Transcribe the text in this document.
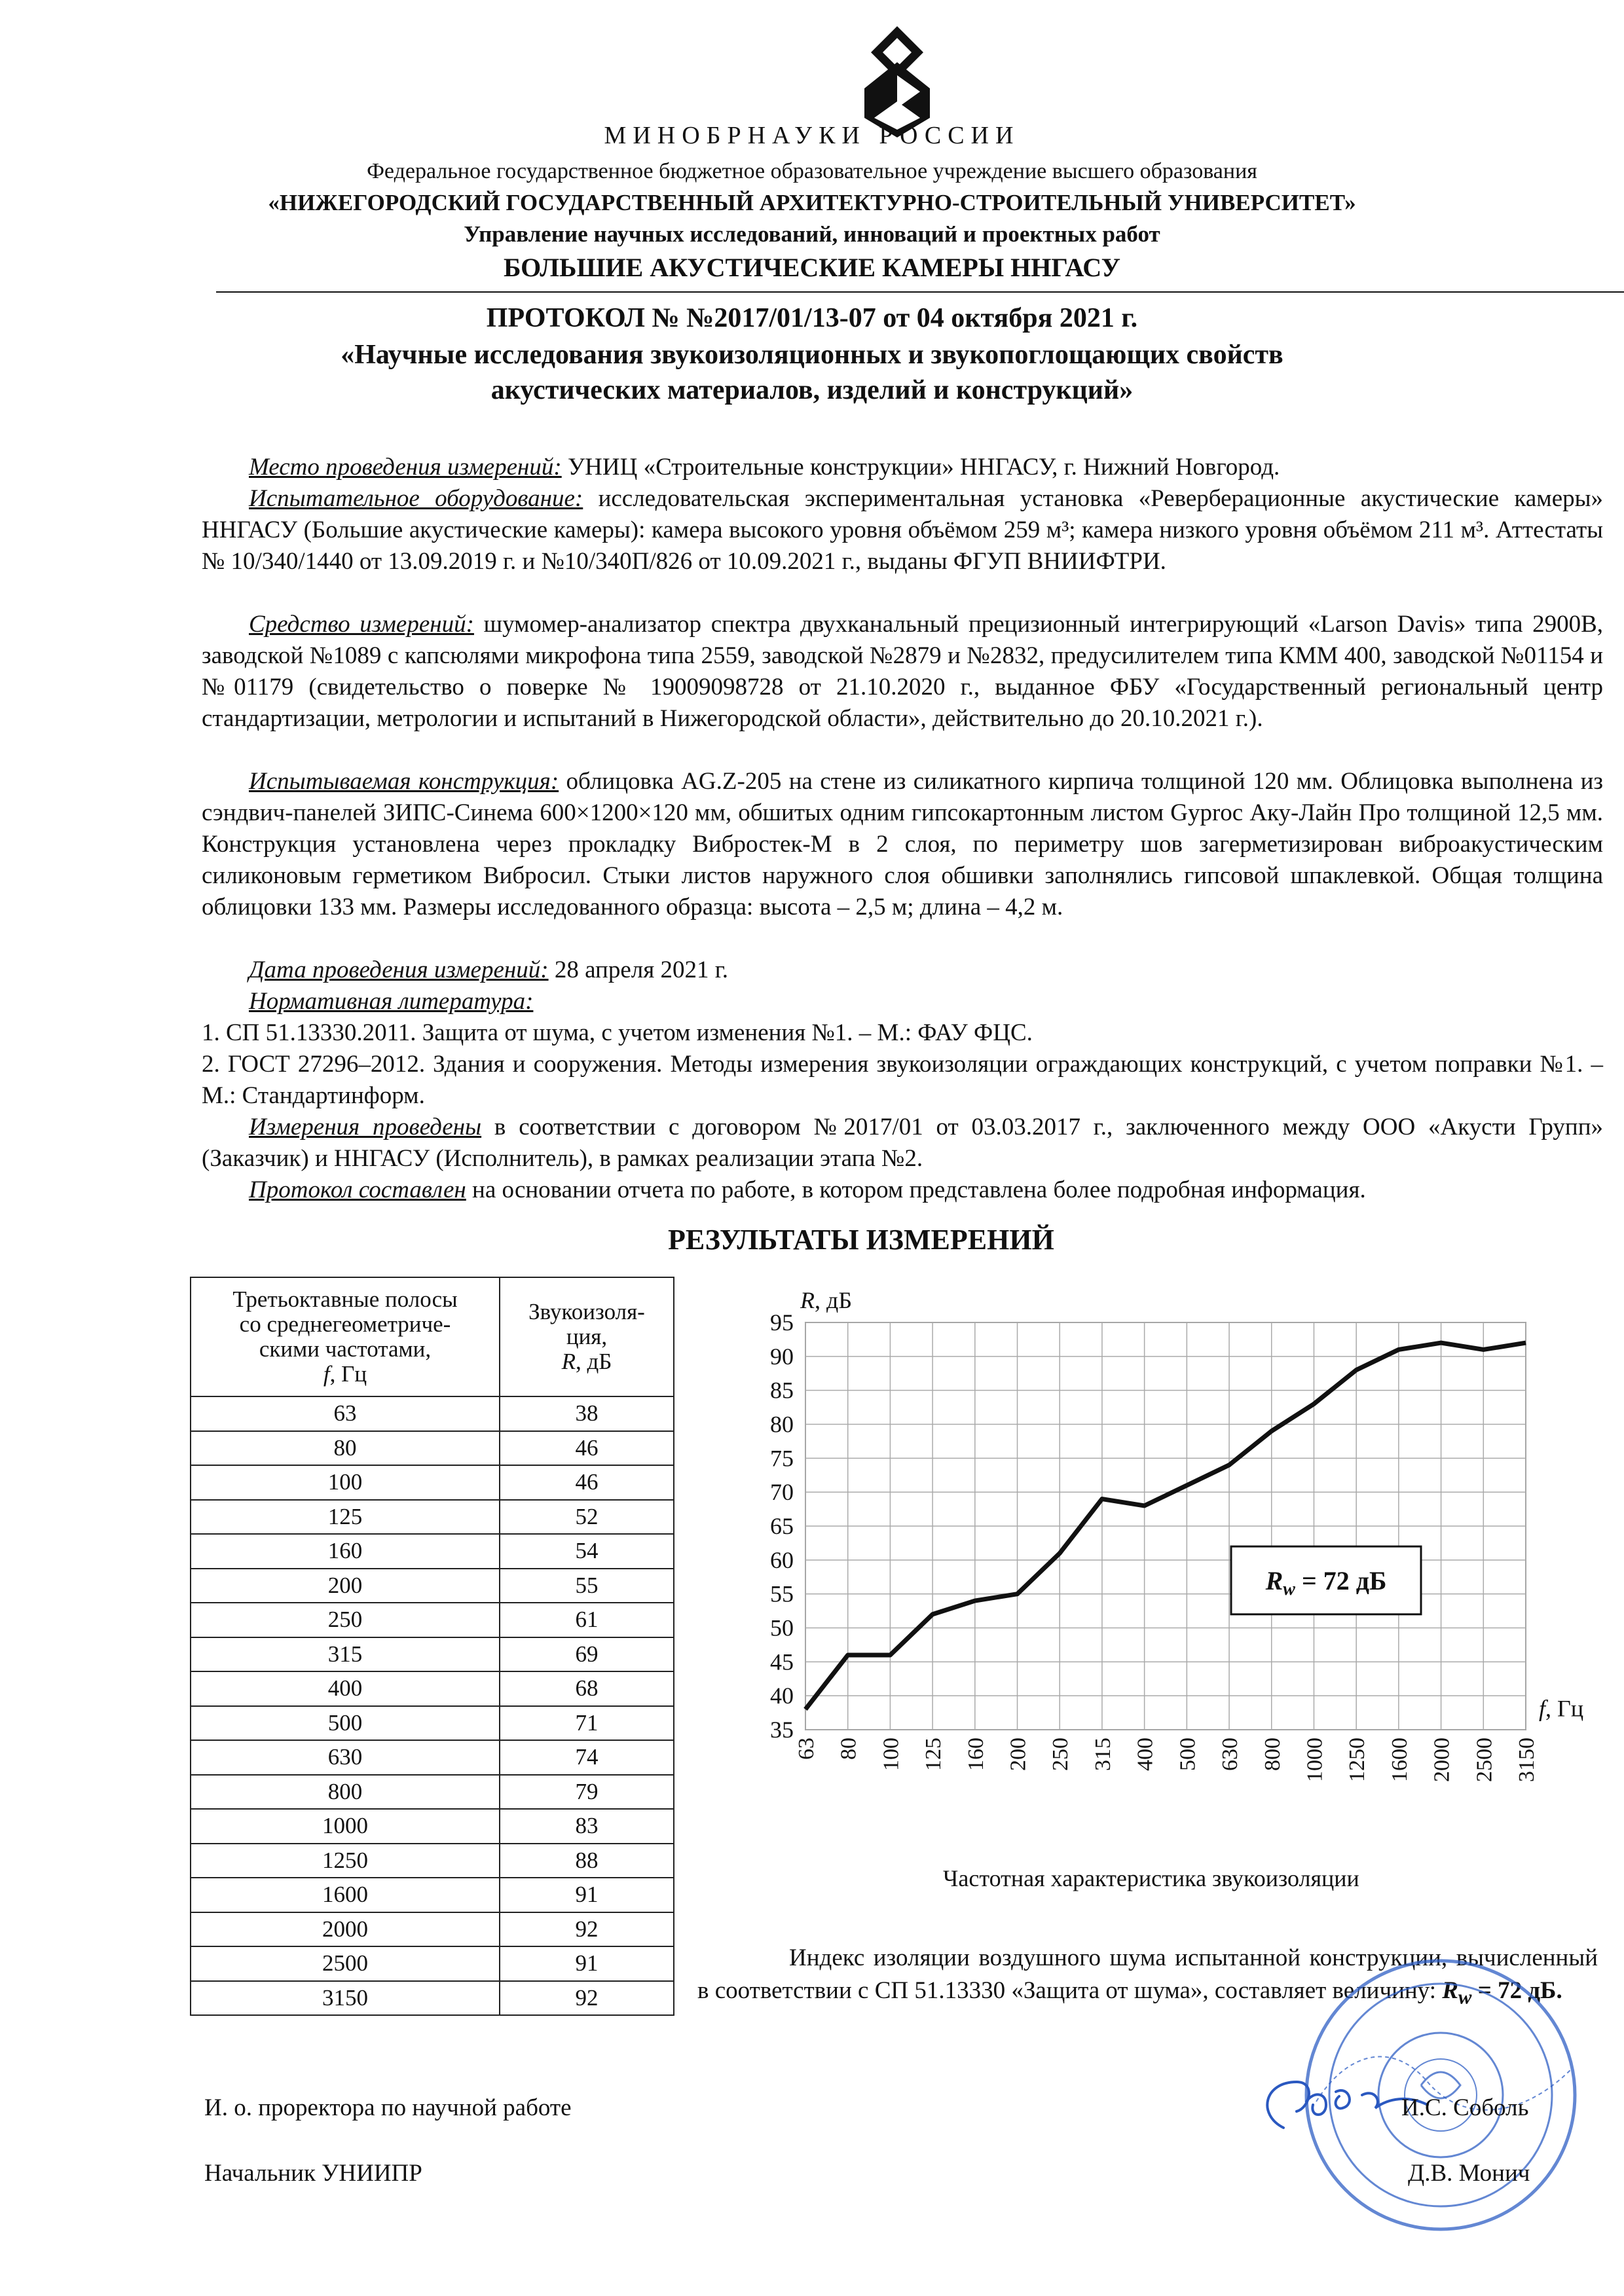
МИНОБРНАУКИ РОССИИ
Федеральное государственное бюджетное образовательное учреждение высшего образования
«НИЖЕГОРОДСКИЙ ГОСУДАРСТВЕННЫЙ АРХИТЕКТУРНО-СТРОИТЕЛЬНЫЙ УНИВЕРСИТЕТ»
Управление научных исследований, инноваций и проектных работ
БОЛЬШИЕ АКУСТИЧЕСКИЕ КАМЕРЫ ННГАСУ
ПРОТОКОЛ № №2017/01/13-07 от 04 октября 2021 г.
«Научные исследования звукоизоляционных и звукопоглощающих свойств
акустических материалов, изделий и конструкций»
Место проведения измерений: УНИЦ «Строительные конструкции» ННГАСУ, г. Нижний Новгород.
Испытательное оборудование: исследовательская экспериментальная установка «Реверберационные акустические камеры» ННГАСУ (Большие акустические камеры): камера высокого уровня объёмом 259 м³; камера низкого уровня объёмом 211 м³. Аттестаты № 10/340/1440 от 13.09.2019 г. и №10/340П/826 от 10.09.2021 г., выданы ФГУП ВНИИФТРИ.
Средство измерений: шумомер-анализатор спектра двухканальный прецизионный интегрирующий «Larson Davis» типа 2900B, заводской №1089 с капсюлями микрофона типа 2559, заводской №2879 и №2832, предусилителем типа КММ 400, заводской №01154 и №01179 (свидетельство о поверке № 19009098728 от 21.10.2020 г., выданное ФБУ «Государственный региональный центр стандартизации, метрологии и испытаний в Нижегородской области», действительно до 20.10.2021 г.).
Испытываемая конструкция: облицовка AG.Z-205 на стене из силикатного кирпича толщиной 120 мм. Облицовка выполнена из сэндвич-панелей ЗИПС-Синема 600×1200×120 мм, обшитых одним гипсокартонным листом Gyproc Аку-Лайн Про толщиной 12,5 мм. Конструкция установлена через прокладку Вибростек-М в 2 слоя, по периметру шов загерметизирован виброакустическим силиконовым герметиком Вибросил. Стыки листов наружного слоя обшивки заполнялись гипсовой шпаклевкой. Общая толщина облицовки 133 мм. Размеры исследованного образца: высота – 2,5 м; длина – 4,2 м.
Дата проведения измерений: 28 апреля 2021 г.
Нормативная литература:
1. СП 51.13330.2011. Защита от шума, с учетом изменения №1. – М.: ФАУ ФЦС.
2. ГОСТ 27296–2012. Здания и сооружения. Методы измерения звукоизоляции ограждающих конструкций, с учетом поправки №1. – М.: Стандартинформ.
Измерения проведены в соответствии с договором №2017/01 от 03.03.2017 г., заключенного между ООО «Акусти Групп» (Заказчик) и ННГАСУ (Исполнитель), в рамках реализации этапа №2.
Протокол составлен на основании отчета по работе, в котором представлена более подробная информация.
РЕЗУЛЬТАТЫ ИЗМЕРЕНИЙ
Третьоктавные полосы
со среднегеометриче-
скими частотами,
f, Гц	Звукоизоля-
ция,
R, дБ
63	38
80	46
100	46
125	52
160	54
200	55
250	61
315	69
400	68
500	71
630	74
800	79
1000	83
1250	88
1600	91
2000	92
2500	91
3150	92
35
40
45
50
55
60
65
70
75
80
85
90
95
63 80 100 125 160 200 250 315 400 500 630 800 1000 1250 1600 2000 2500 3150
R, дБ
f, Гц
$R_w = 72$ дБ
Частотная характеристика звукоизоляции
Индекс изоляции воздушного шума испытанной конструкции, вычисленный в соответствии с СП 51.13330 «Защита от шума», составляет величину: $R_w = 72$ дБ.
И. о. проректора по научной работе	И.С. Соболь
Начальник УНИИПР	Д.В. Монич
